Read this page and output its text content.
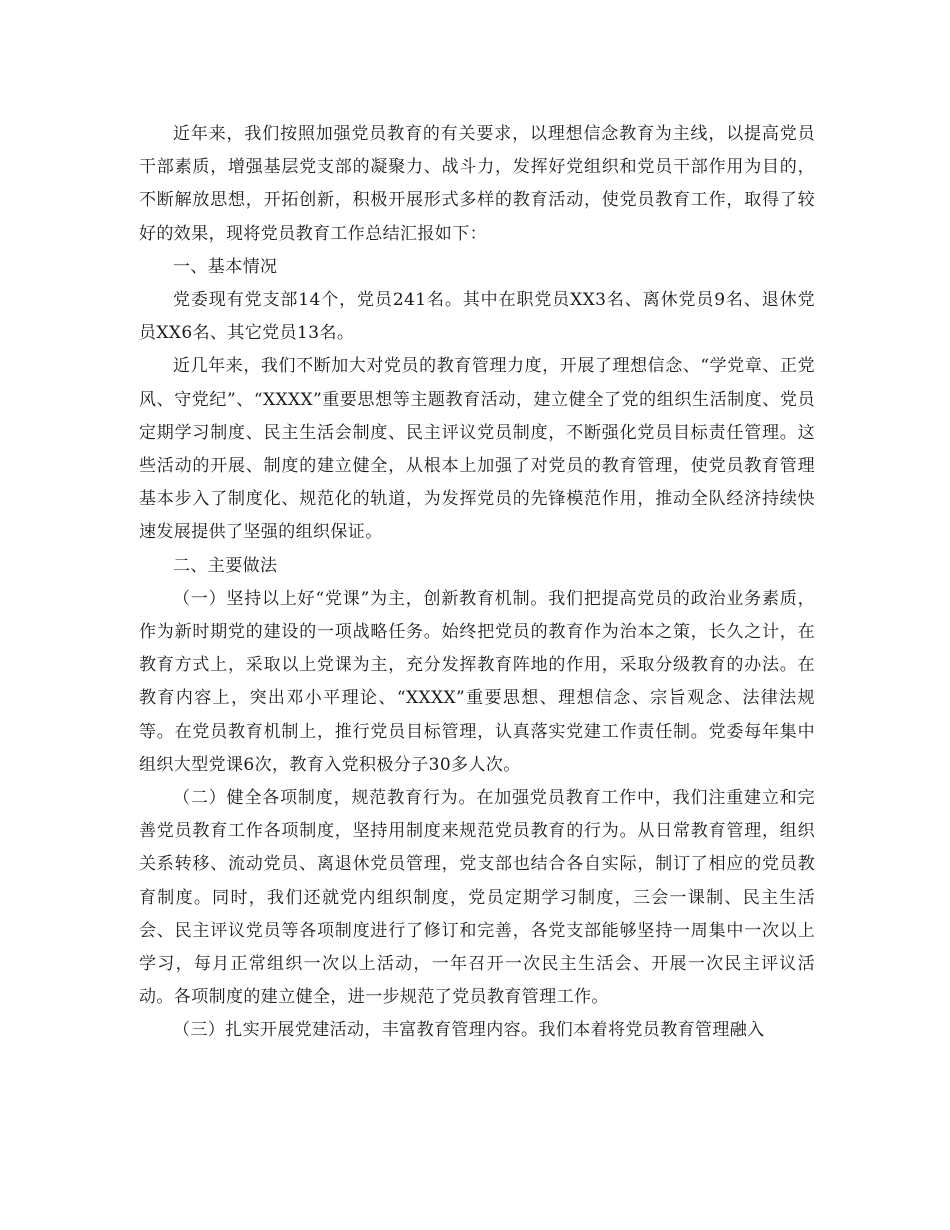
近年来，我们按照加强党员教育的有关要求，以理想信念教育为主线，以提高党员干部素质，增强基层党支部的凝聚力、战斗力，发挥好党组织和党员干部作用为目的，不断解放思想，开拓创新，积极开展形式多样的教育活动，使党员教育工作，取得了较好的效果，现将党员教育工作总结汇报如下：

一、基本情况

党委现有党支部14个，党员241名。其中在职党员XX3名、离休党员9名、退休党员XX6名、其它党员13名。

近几年来，我们不断加大对党员的教育管理力度，开展了理想信念、“学党章、正党风、守党纪”、“XXXX”重要思想等主题教育活动，建立健全了党的组织生活制度、党员定期学习制度、民主生活会制度、民主评议党员制度，不断强化党员目标责任管理。这些活动的开展、制度的建立健全，从根本上加强了对党员的教育管理，使党员教育管理基本步入了制度化、规范化的轨道，为发挥党员的先锋模范作用，推动全队经济持续快速发展提供了坚强的组织保证。

二、主要做法

（一）坚持以上好“党课”为主，创新教育机制。我们把提高党员的政治业务素质，作为新时期党的建设的一项战略任务。始终把党员的教育作为治本之策，长久之计，在教育方式上，采取以上党课为主，充分发挥教育阵地的作用，采取分级教育的办法。在教育内容上，突出邓小平理论、“XXXX”重要思想、理想信念、宗旨观念、法律法规等。在党员教育机制上，推行党员目标管理，认真落实党建工作责任制。党委每年集中组织大型党课6次，教育入党积极分子30多人次。

（二）健全各项制度，规范教育行为。在加强党员教育工作中，我们注重建立和完善党员教育工作各项制度，坚持用制度来规范党员教育的行为。从日常教育管理，组织关系转移、流动党员、离退休党员管理，党支部也结合各自实际，制订了相应的党员教育制度。同时，我们还就党内组织制度，党员定期学习制度，三会一课制、民主生活会、民主评议党员等各项制度进行了修订和完善，各党支部能够坚持一周集中一次以上学习，每月正常组织一次以上活动，一年召开一次民主生活会、开展一次民主评议活动。各项制度的建立健全，进一步规范了党员教育管理工作。

（三）扎实开展党建活动，丰富教育管理内容。我们本着将党员教育管理融入
